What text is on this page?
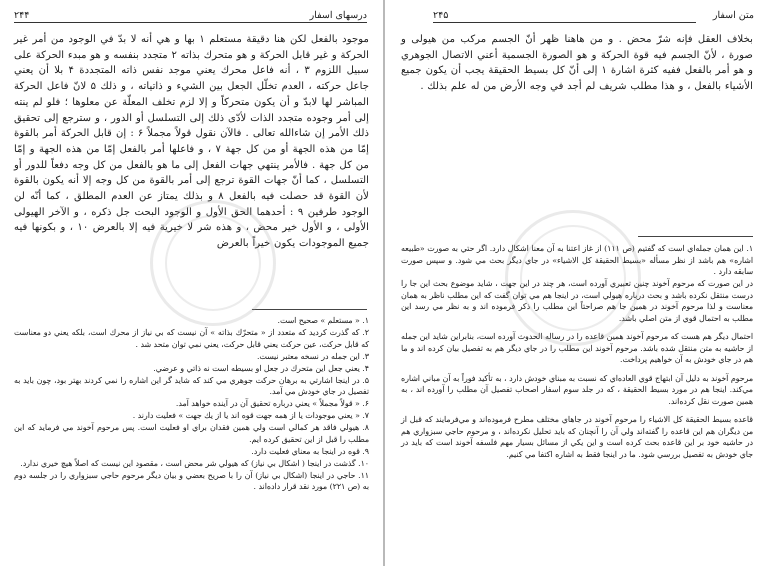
۲۴۴	درسهای اسفار

موجود بالفعل لكن هنا دقيقة مستعلم ۱ بها و هي أنه لا بدّ في الوجود من أمر غير الحركة و غير قابل الحركة و هو متحرك بذاته ۲ متجدد بنفسه و هو مبدء الحركة على سبيل اللزوم ۳ ، أنه فاعل محرك يعني موجد نفس ذاته المتجددة ۴ بلا أن يعني جاعل حركته ، العدم تخلّل الجعل بين الشيء و ذاتياته ، و ذلك ۵ لانّ فاعل الحركة المباشر لها لابدّ و أن يكون متحركاً و إلا لزم تخلف المعلّة عن معلوها ؛ فلو لم ينته إلى أمر وجوده متجدد الذات لأدّى ذلك إلى التسلسل أو الدور ، و سترجع إلى تحقيق ذلك الأمر إن شاءالله تعالى . فالآن نقول قولاً مجملاً ۶ : إن قابل الحركة أمر بالقوة إمّا من هذه الجهة أو من كل جهة ۷ ، و فاعلها أمر بالفعل إمّا من هذه الجهة و إمّا من كل جهة . فالأمر ينتهي جهات الفعل إلى ما هو بالفعل من كل وجه دفعاً للدور أو التسلسل ، كما أنّ جهات القوة ترجع إلى أمر بالقوة من كل وجه إلا أنه يكون بالقوة لأن القوة قد حصلت فيه بالفعل ۸ و بذلك يمتاز عن العدم المطلق ، كما أنّه لن الوجود طرفين ۹ : أحدهما الحق الأول و الوجود البحت جل ذكره ، و الآخر الهيولى الأولى ، و الأول خير محض ، و هذه شر لا خيرية فيه إلا بالعرض ۱۰ ، و بكونها فيه جميع الموجودات يكون خيراً بالعرض

۱. « مستعلم » صحيح است.

۲. كه گذرت كرديد كه متعدد از « متحرّك بذاته » آن نيست كه بي نياز از محرك است، بلكه يعني دو معناست كه قابل حركت، عين حركت يعني قابل حركت، يعني نمي توان متحد شد .

۳. اين جمله در نسخه معتبر نيست.

۴. يعني جعل اين متحرك در جعل او بسيطه است نه ذاتي و عرضي.

۵. در اينجا اشارتي به برهان حركت جوهري مي كند كه شايد گر اين اشاره را نمي كردند بهتر بود، چون بايد به تفصيل در جاي خودش مي آمد.

۶. « قولاً مجملاً » يعني درباره تحقيق آن در آينده خواهد آمد.

۷. « يعني موجودات يا از همه جهت قوه اند يا از يك جهت » فعليت دارند .

۸. هيولي فاقد هر كمالي است ولي همين فقدان براي او فعليت است. پس مرحوم آخوند مي فرمايد كه اين مطلب را قبل از اين تحقيق كرده ايم.

۹. قوه در اينجا به معناي فعليت دارد.

۱۰. گذشت در اينجا ( اشكال بي نياز) كه هيولي شر محض است ، مقصود اين نيست كه اصلاً هيچ خيري ندارد.

۱۱. حاجي در اينجا (اشكال بي نياز) آن را با صريح بعضي و بيان ديگر مرحوم حاجي سبزواري را در جلسه دوم به (ص ۲۲۱) مورد نقد قرار داده‌اند .

۲۴۵	متن اسفار

بخلاف العقل فإنه شرّ محض . و من هاهنا ظهر أنّ الجسم مركب من هيولى و صورة ، لأنّ الجسم فيه قوة الحركة و هو الصورة الجسمية أعني الاتصال الجوهري و هو أمر بالفعل ففيه كثرة اشارة ۱ إلى أنّ كل بسيط الحقيقة يجب أن يكون جميع الأشياء بالفعل ، و هذا مطلب شريف لم أجد في وجه الأرض من له علم بذلك .

۱. اين همان جمله‌اي است كه گفتيم (ص ۱۱۱) از غاز اعتنا به آن معنا اشكال دارد. اگر حتي به صورت «طبيعه اشاره» هم باشد از نظر مسأله «بسيط الحقيقة كل الاشياء» در جاي ديگر بحث مي شود. و سپس صورت سابقه دارد .

در اين صورت كه مرحوم آخوند چنين تعبيري آورده است، هر چند در اين جهت ، شايد موضوع بحث اين جا را درست منتقل نكرده باشد و بحث درباره هيولي است، در اينجا هم مي توان گفت كه اين مطلب ناظر به همان معناست و لذا مرحوم آخوند در همين جا هم صراحتاً اين مطلب را ذكر فرموده اند و به نظر مي رسد اين مطلب به احتمال قوي از متن اصلي باشد.

احتمال ديگر هم هست كه مرحوم آخوند همين قاعده را در رساله الحدوث آورده است، بنابراين شايد اين جمله از حاشيه به متن منتقل شده باشد. مرحوم آخوند اين مطلب را در جاي ديگر هم به تفصيل بيان كرده اند و ما هم در جاي خودش به آن خواهيم پرداخت.

مرحوم آخوند به دليل آن ابتهاج قوي العاده‌اي كه نسبت به مبناي خودش دارد ، به تأكيد فوراً به آن مباني اشاره مي‌كند. اينجا هم در مورد بسيط الحقيقة ، كه در جلد سوم اسفار اصحاب تفصيل آن مطلب را آورده اند ، به همين صورت نقل كرده‌اند.

قاعده بسيط الحقيقة كل الاشياء را مرحوم آخوند در جاهاي مختلف مطرح فرموده‌اند و مي‌فرمايند كه قبل از من ديگران هم اين قاعده را گفته‌اند ولي آن را آنچنان كه بايد تحليل نكرده‌اند ، و مرحوم حاجي سبزواري هم در حاشيه خود بر اين قاعده بحث كرده است و اين يكي از مسائل بسيار مهم فلسفه آخوند است كه بايد در جاي خودش به تفصيل بررسي شود. ما در اينجا فقط به اشاره اكتفا مي كنيم.
